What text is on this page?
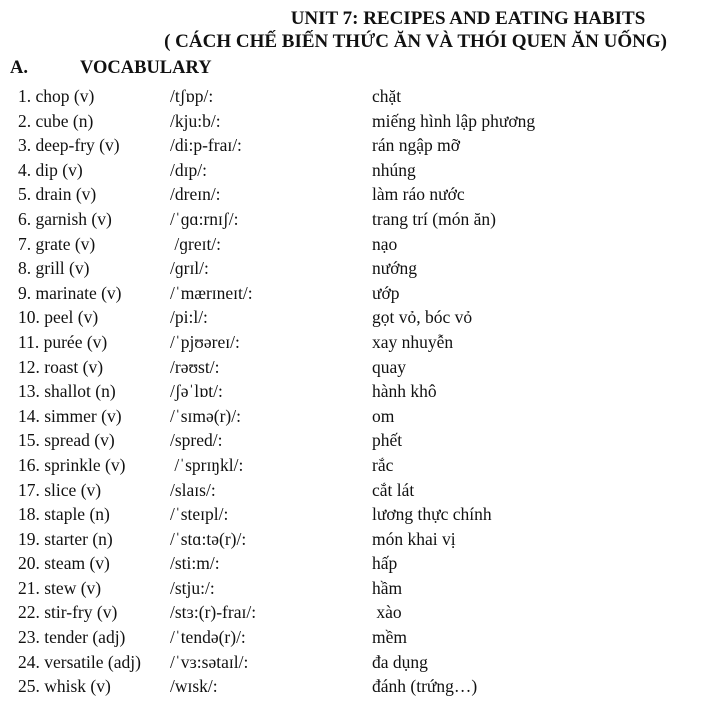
UNIT 7: RECIPES AND EATING HABITS
( CÁCH CHẾ BIẾN THỨC ĂN VÀ THÓI QUEN ĂN UỐNG)
A.	VOCABULARY
1. chop (v)	/tʃɒp/:	chặt
2. cube (n)	/kju:b/:	miếng hình lập phương
3. deep-fry (v)	/di:p-fraɪ/:	rán ngập mỡ
4. dip (v)	/dɪp/:	nhúng
5. drain (v)	/dreɪn/:	làm ráo nước
6. garnish (v)	/ˈɡɑ:rnɪʃ/:	trang trí (món ăn)
7. grate (v)	/ɡreɪt/:	nạo
8. grill (v)	/ɡrɪl/:	nướng
9. marinate (v)	/ˈmærɪneɪt/:	ướp
10. peel (v)	/pi:l/:	gọt vỏ, bóc vỏ
11. purée (v)	/ˈpjʊəreɪ/:	xay nhuyễn
12. roast (v)	/rəʊst/:	quay
13. shallot (n)	/ʃəˈlɒt/:	hành khô
14. simmer (v)	/ˈsɪmə(r)/:	om
15. spread (v)	/spred/:	phết
16. sprinkle (v)	/ˈsprɪŋkl/:	rắc
17. slice (v)	/slaɪs/:	cắt lát
18. staple (n)	/ˈsteɪpl/:	lương thực chính
19. starter (n)	/ˈstɑ:tə(r)/:	món khai vị
20. steam (v)	/sti:m/:	hấp
21. stew (v)	/stju:/:	hầm
22. stir-fry (v)	/stɜ:(r)-fraɪ/:	xào
23. tender (adj)	/ˈtendə(r)/:	mềm
24. versatile (adj)	/ˈvɜ:sətaɪl/:	đa dụng
25. whisk (v)	/wɪsk/:	đánh (trứng…)
